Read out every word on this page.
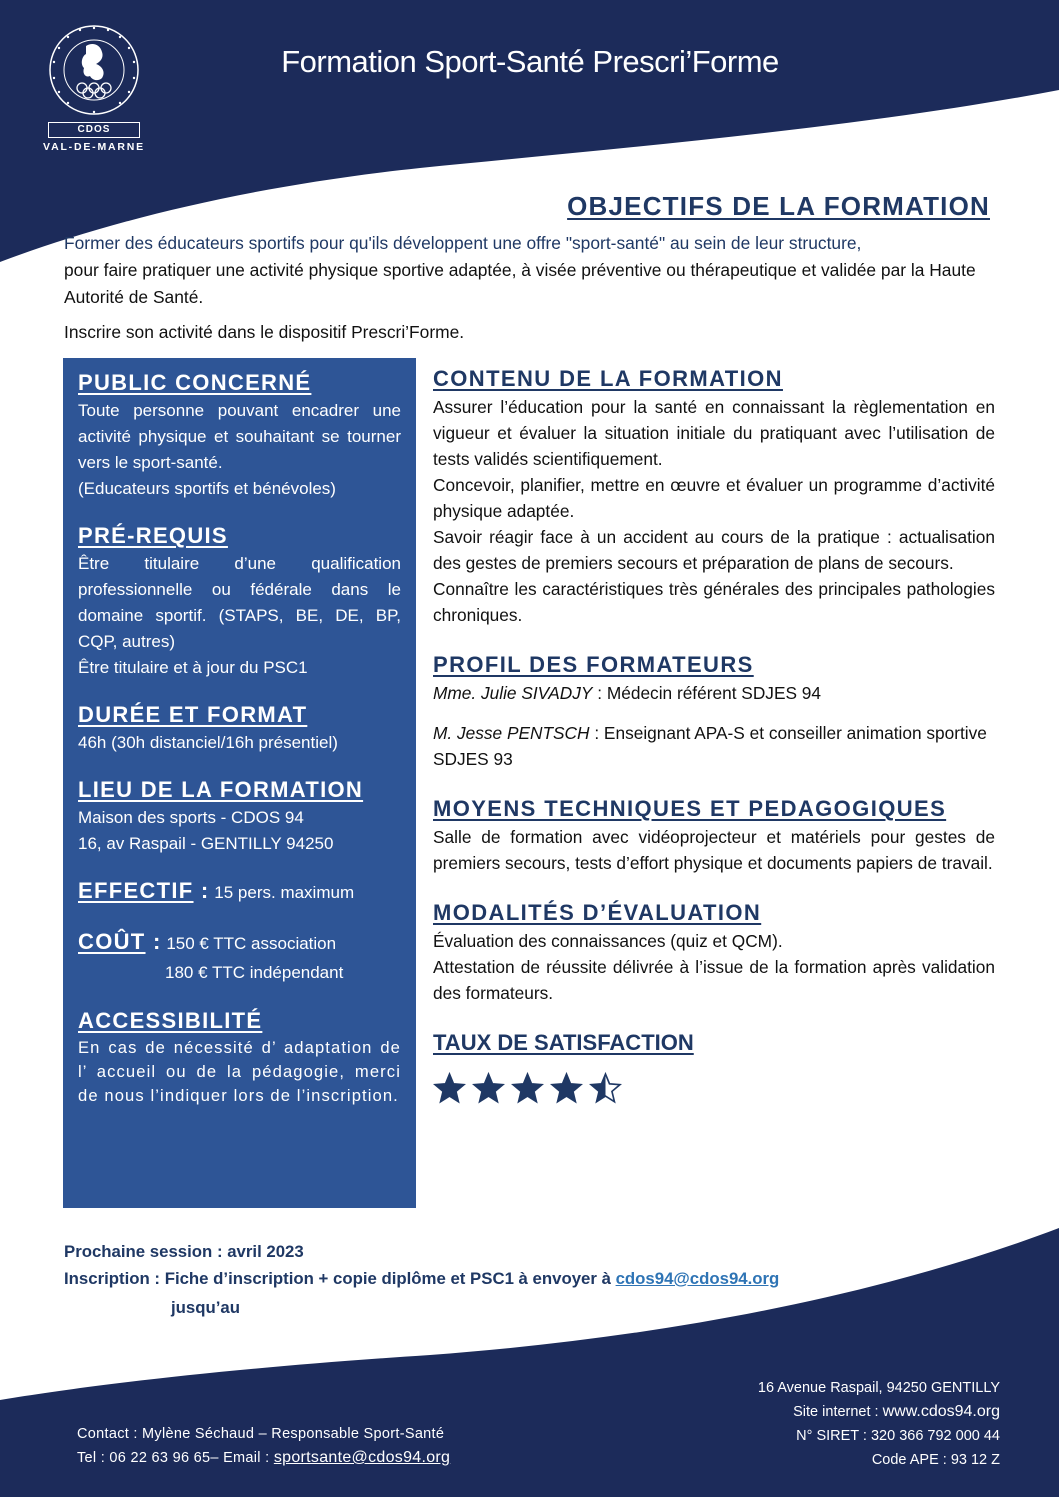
CDOS
VAL-DE-MARNE
Formation Sport-Santé Prescri’Forme
OBJECTIFS DE LA FORMATION

Former des éducateurs sportifs pour qu'ils développent une offre "sport-santé" au sein de leur structure,

pour faire pratiquer une activité physique sportive adaptée, à visée préventive ou thérapeutique et validée par la Haute Autorité de Santé.

Inscrire son activité dans le dispositif Prescri’Forme.

PUBLIC CONCERNÉ
Toute personne pouvant encadrer une activité physique et souhaitant se tourner vers le sport-santé.
(Educateurs sportifs et bénévoles)
PRÉ-REQUIS
Être titulaire d’une qualification professionnelle ou fédérale dans le domaine sportif. (STAPS, BE, DE, BP, CQP, autres)
Être titulaire et à jour du PSC1
DURÉE ET FORMAT
46h (30h distanciel/16h présentiel)
LIEU DE LA FORMATION
Maison des sports - CDOS 94
16, av Raspail - GENTILLY 94250
EFFECTIF : 15 pers. maximum
COÛT : 150 € TTC association
180 € TTC indépendant
ACCESSIBILITÉ
En cas de nécessité d’ adaptation de l’ accueil ou de la pédagogie, merci de nous l’indiquer lors de l’inscription.
CONTENU DE LA FORMATION
Assurer l’éducation pour la santé en connaissant la règlementation en vigueur et évaluer la situation initiale du pratiquant avec l’utilisation de tests validés scientifiquement.
Concevoir, planifier, mettre en œuvre et évaluer un programme d’activité physique adaptée.
Savoir réagir face à un accident au cours de la pratique : actualisation des gestes de premiers secours et préparation de plans de secours.
Connaître les caractéristiques très générales des principales pathologies chroniques.
PROFIL DES FORMATEURS
Mme. Julie SIVADJY : Médecin référent SDJES 94
M. Jesse PENTSCH : Enseignant APA-S et conseiller animation sportive SDJES 93
MOYENS TECHNIQUES ET PEDAGOGIQUES
Salle de formation avec vidéoprojecteur et matériels pour gestes de premiers secours, tests d’effort physique et documents papiers de travail.
MODALITÉS D’ÉVALUATION
Évaluation des connaissances (quiz et QCM).
Attestation de réussite délivrée à l’issue de la formation après validation des formateurs.
TAUX DE SATISFACTION
Prochaine session : avril 2023
Inscription : Fiche d’inscription + copie diplôme et PSC1 à envoyer à cdos94@cdos94.org
jusqu’au
16 Avenue Raspail, 94250 GENTILLY
Site internet : www.cdos94.org
N° SIRET : 320 366 792 000 44
Code APE : 93 12 Z
Contact : Mylène Séchaud – Responsable Sport-Santé
Tel : 06 22 63 96 65– Email : sportsante@cdos94.org
